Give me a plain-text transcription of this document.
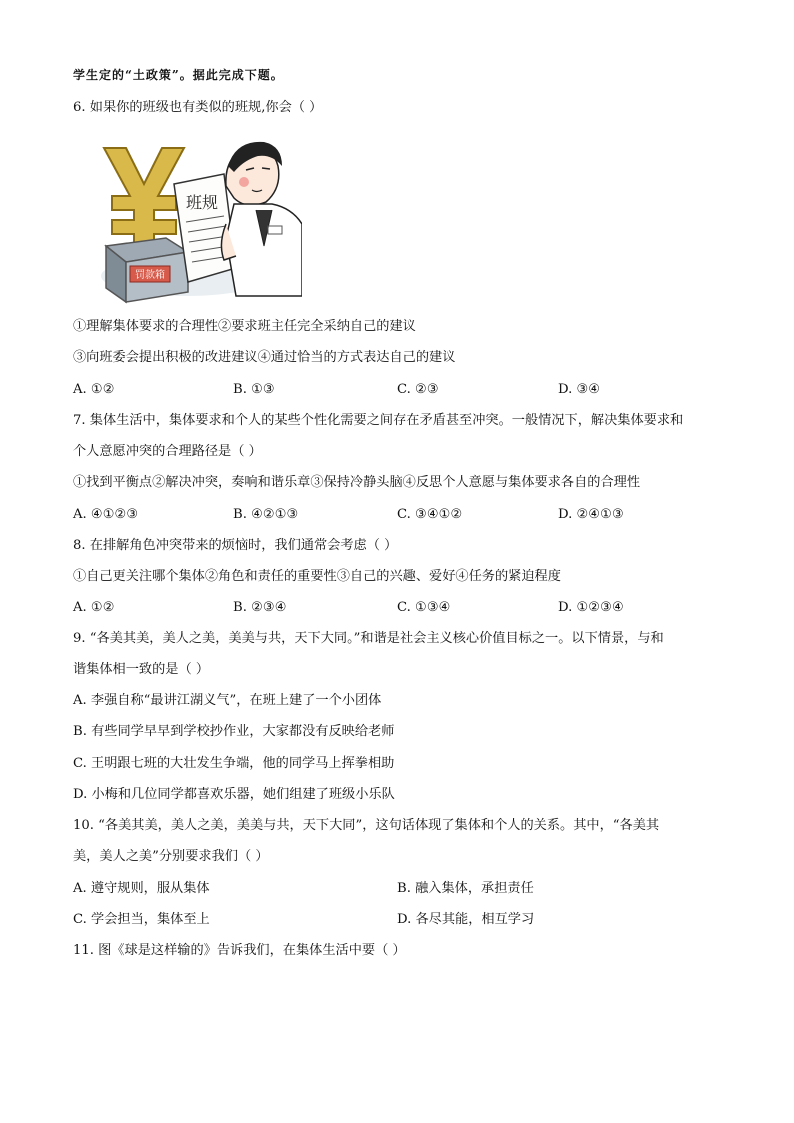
学生定的“土政策”。据此完成下题。
6. 如果你的班级也有类似的班规,你会（ ）
罚款箱
班规
①理解集体要求的合理性②要求班主任完全采纳自己的建议
③向班委会提出积极的改进建议④通过恰当的方式表达自己的建议
A. ①②	B. ①③	C. ②③	D. ③④
7. 集体生活中，集体要求和个人的某些个性化需要之间存在矛盾甚至冲突。一般情况下，解决集体要求和
个人意愿冲突的合理路径是（ ）
①找到平衡点②解决冲突，奏响和谐乐章③保持冷静头脑④反思个人意愿与集体要求各自的合理性
A. ④①②③	B. ④②①③	C. ③④①②	D. ②④①③
8. 在排解角色冲突带来的烦恼时，我们通常会考虑（ ）
①自己更关注哪个集体②角色和责任的重要性③自己的兴趣、爱好④任务的紧迫程度
A. ①②	B. ②③④	C. ①③④	D. ①②③④
9. “各美其美，美人之美，美美与共，天下大同。”和谐是社会主义核心价值目标之一。以下情景，与和
谐集体相一致的是（ ）
A. 李强自称“最讲江湖义气”，在班上建了一个小团体
B. 有些同学早早到学校抄作业，大家都没有反映给老师
C. 王明跟七班的大壮发生争端，他的同学马上挥拳相助
D. 小梅和几位同学都喜欢乐器，她们组建了班级小乐队
10. “各美其美，美人之美，美美与共，天下大同”，这句话体现了集体和个人的关系。其中，“各美其
美，美人之美”分别要求我们（ ）
A. 遵守规则，服从集体	B. 融入集体，承担责任
C. 学会担当，集体至上	D. 各尽其能，相互学习
11. 图《球是这样输的》告诉我们，在集体生活中要（ ）
